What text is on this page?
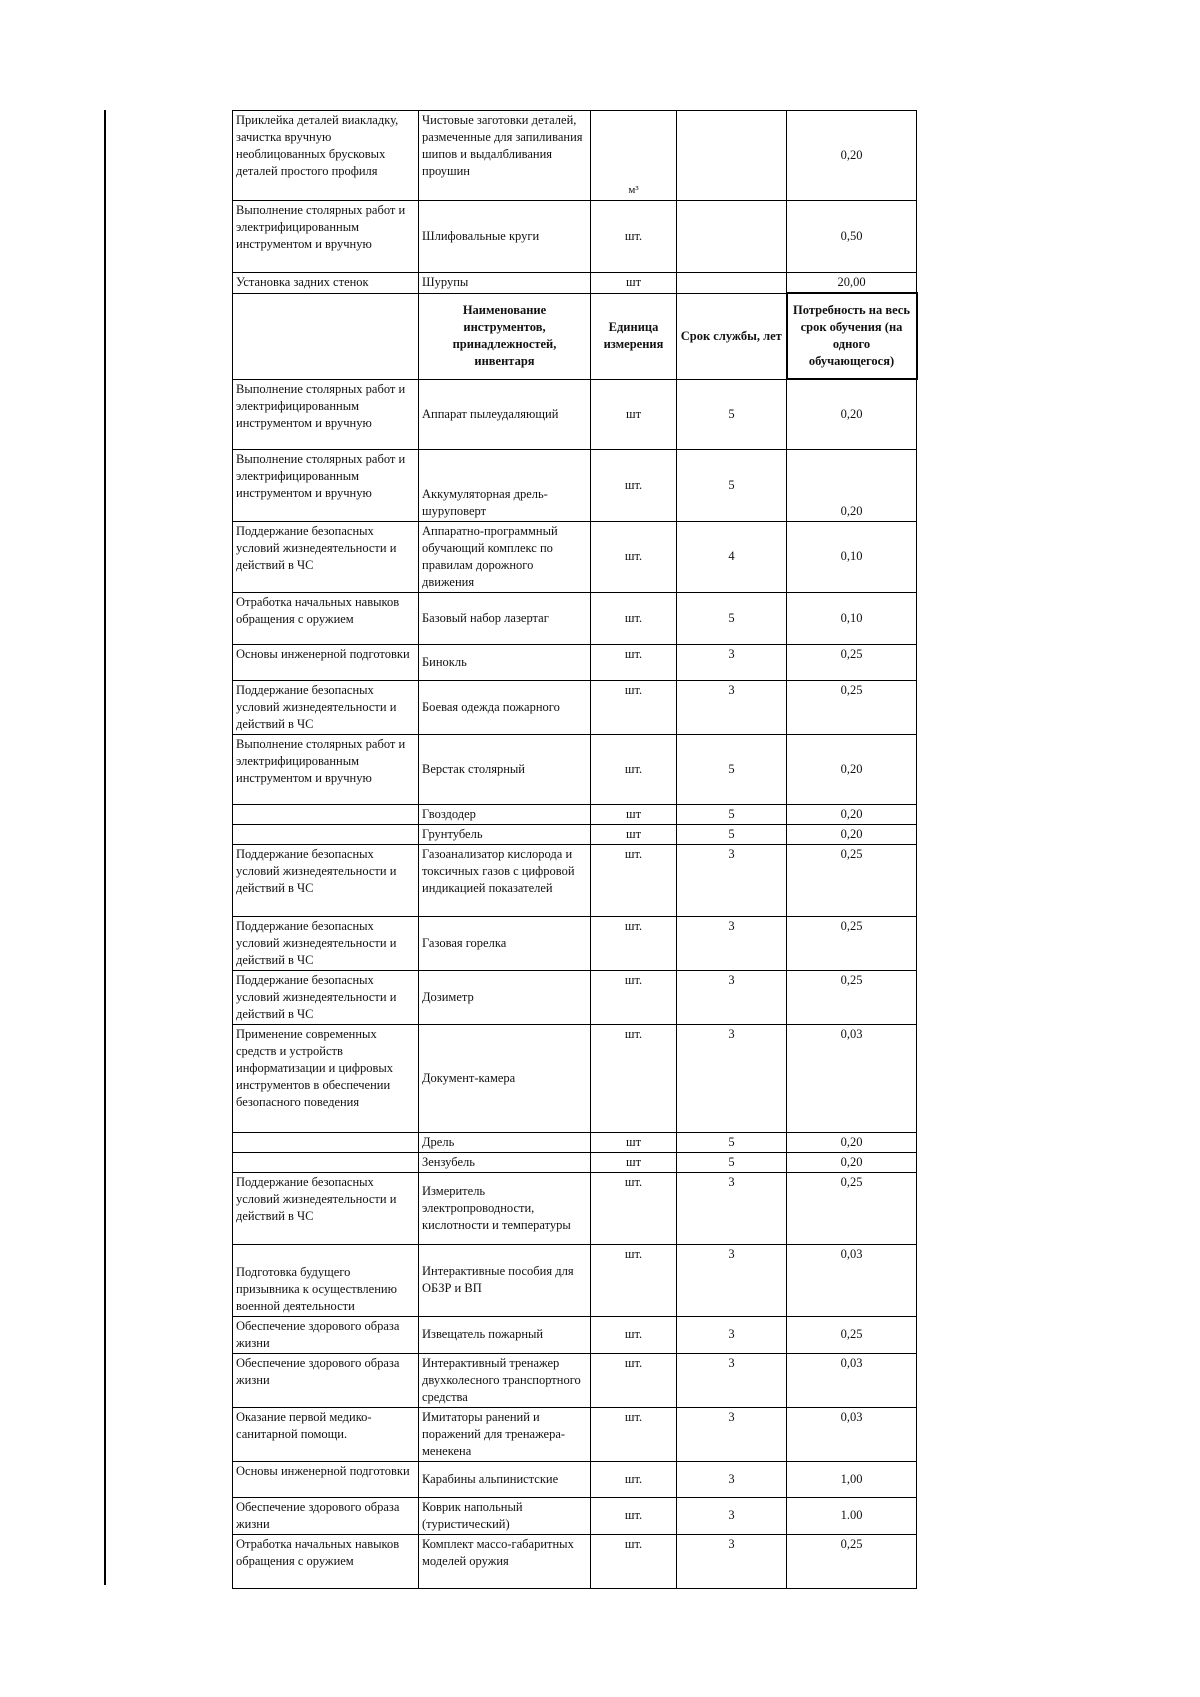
Приклейка деталей виакладку, зачистка вручную необлицованных брусковых деталей простого профиля	Чистовые заготовки деталей, размеченные для запиливания шипов и выдалбливания проушин	м³		0,20
Выполнение столярных работ и электрифицированным инструментом и вручную	Шлифовальные круги	шт.		0,50
Установка задних стенок	Шурупы	шт		20,00
	Наименование инструментов, принадлежностей, инвентаря	Единица измерения	Срок службы, лет	Потребность на весь срок обучения (на одного обучающегося)
Выполнение столярных работ и электрифицированным инструментом и вручную	Аппарат пылеудаляющий	шт	5	0,20
Выполнение столярных работ и электрифицированным инструментом и вручную	Аккумуляторная дрель-шуруповерт	шт.	5	0,20
Поддержание безопасных условий жизнедеятельности и действий в ЧС	Аппаратно-программный обучающий комплекс по правилам дорожного движения	шт.	4	0,10
Отработка начальных навыков обращения с оружием	Базовый набор лазертаг	шт.	5	0,10
Основы инженерной подготовки	Бинокль	шт.	3	0,25
Поддержание безопасных условий жизнедеятельности и действий в ЧС	Боевая одежда пожарного	шт.	3	0,25
Выполнение столярных работ и электрифицированным инструментом и вручную	Верстак столярный	шт.	5	0,20
	Гвоздодер	шт	5	0,20
	Грунтубель	шт	5	0,20
Поддержание безопасных условий жизнедеятельности и действий в ЧС	Газоанализатор кислорода и токсичных газов с цифровой индикацией показателей	шт.	3	0,25
Поддержание безопасных условий жизнедеятельности и действий в ЧС	Газовая горелка	шт.	3	0,25
Поддержание безопасных условий жизнедеятельности и действий в ЧС	Дозиметр	шт.	3	0,25
Применение современных средств и устройств информатизации и цифровых инструментов в обеспечении безопасного поведения	Документ-камера	шт.	3	0,03
	Дрель	шт	5	0,20
	Зензубель	шт	5	0,20
Поддержание безопасных условий жизнедеятельности и действий в ЧС	Измеритель электропроводности, кислотности и температуры	шт.	3	0,25
Подготовка будущего призывника к осуществлению военной деятельности	Интерактивные пособия для ОБЗР и ВП	шт.	3	0,03
Обеспечение здорового образа жизни	Извещатель пожарный	шт.	3	0,25
Обеспечение здорового образа жизни	Интерактивный тренажер двухколесного транспортного средства	шт.	3	0,03
Оказание первой медико-санитарной помощи.	Имитаторы ранений и поражений для тренажера-менекена	шт.	3	0,03
Основы инженерной подготовки	Карабины альпинистские	шт.	3	1,00
Обеспечение здорового образа жизни	Коврик напольный (туристический)	шт.	3	1.00
Отработка начальных навыков обращения с оружием	Комплект массо-габаритных моделей оружия	шт.	3	0,25
